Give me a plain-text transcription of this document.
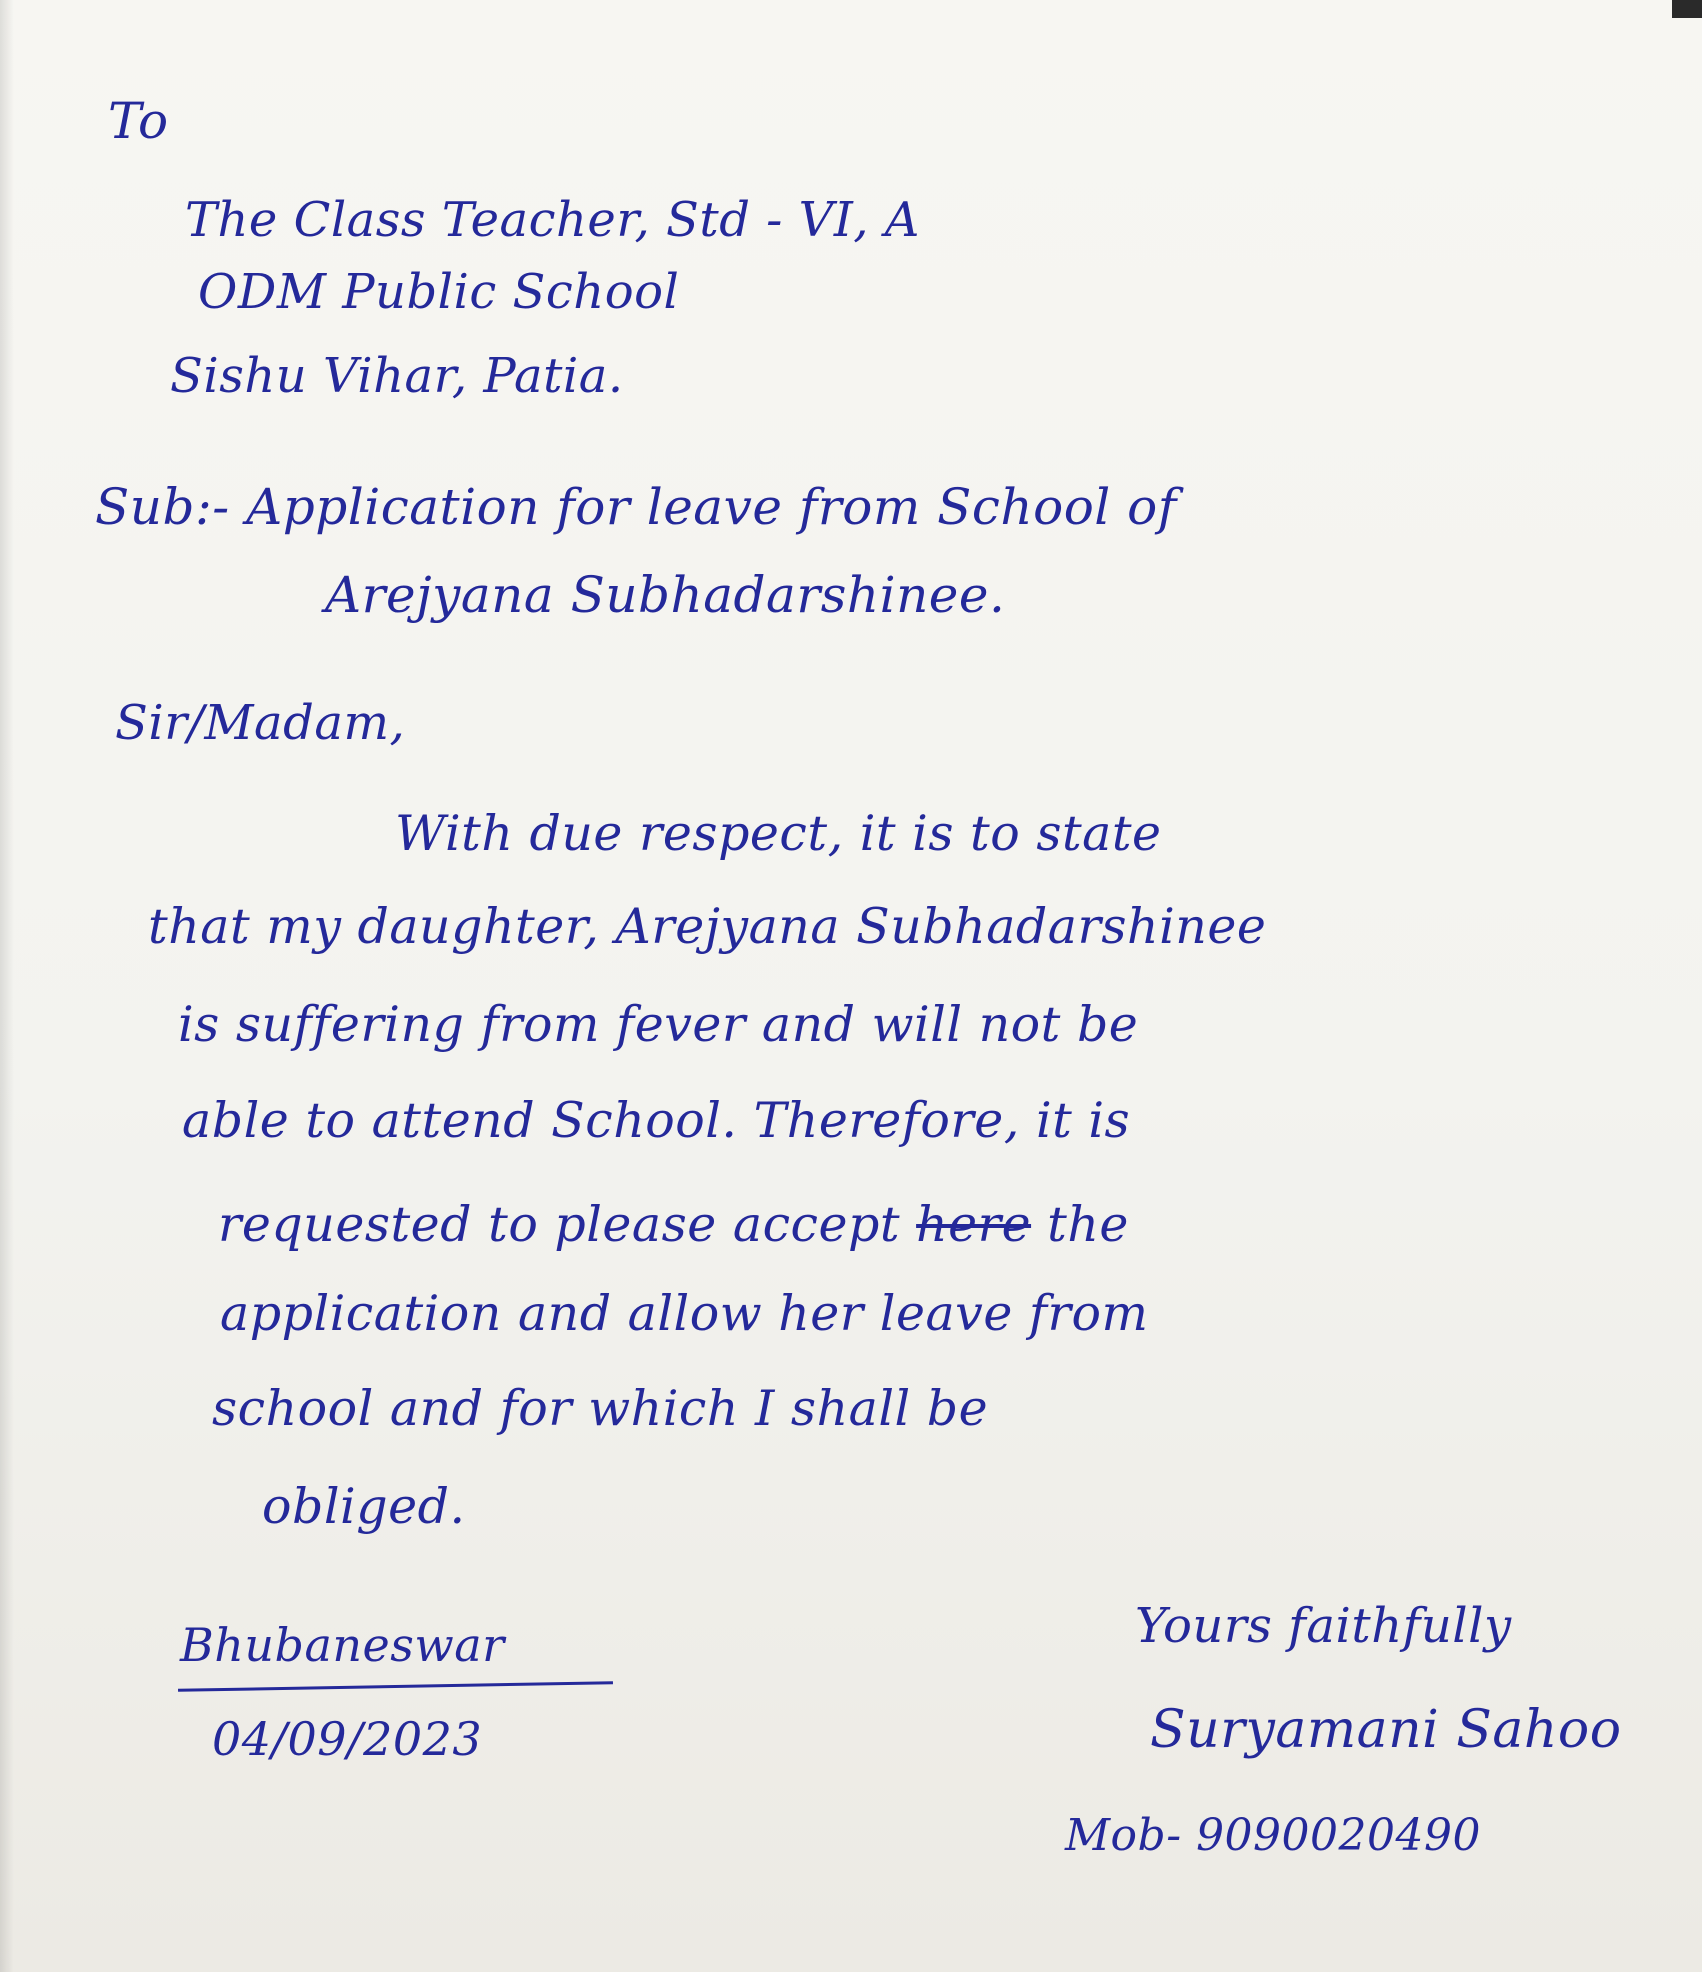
To
The Class Teacher, Std - VI, A
ODM Public School
Sishu Vihar, Patia.
Sub:- Application for leave from School of
Arejyana Subhadarshinee.
Sir/Madam,
With due respect, it is to state
that my daughter, Arejyana Subhadarshinee
is suffering from fever and will not be
able to attend School. Therefore, it is
requested to please accept here the
application and allow her leave from
school and for which I shall be
obliged.
Bhubaneswar
04/09/2023
Yours faithfully
Suryamani Sahoo
Mob- 9090020490
